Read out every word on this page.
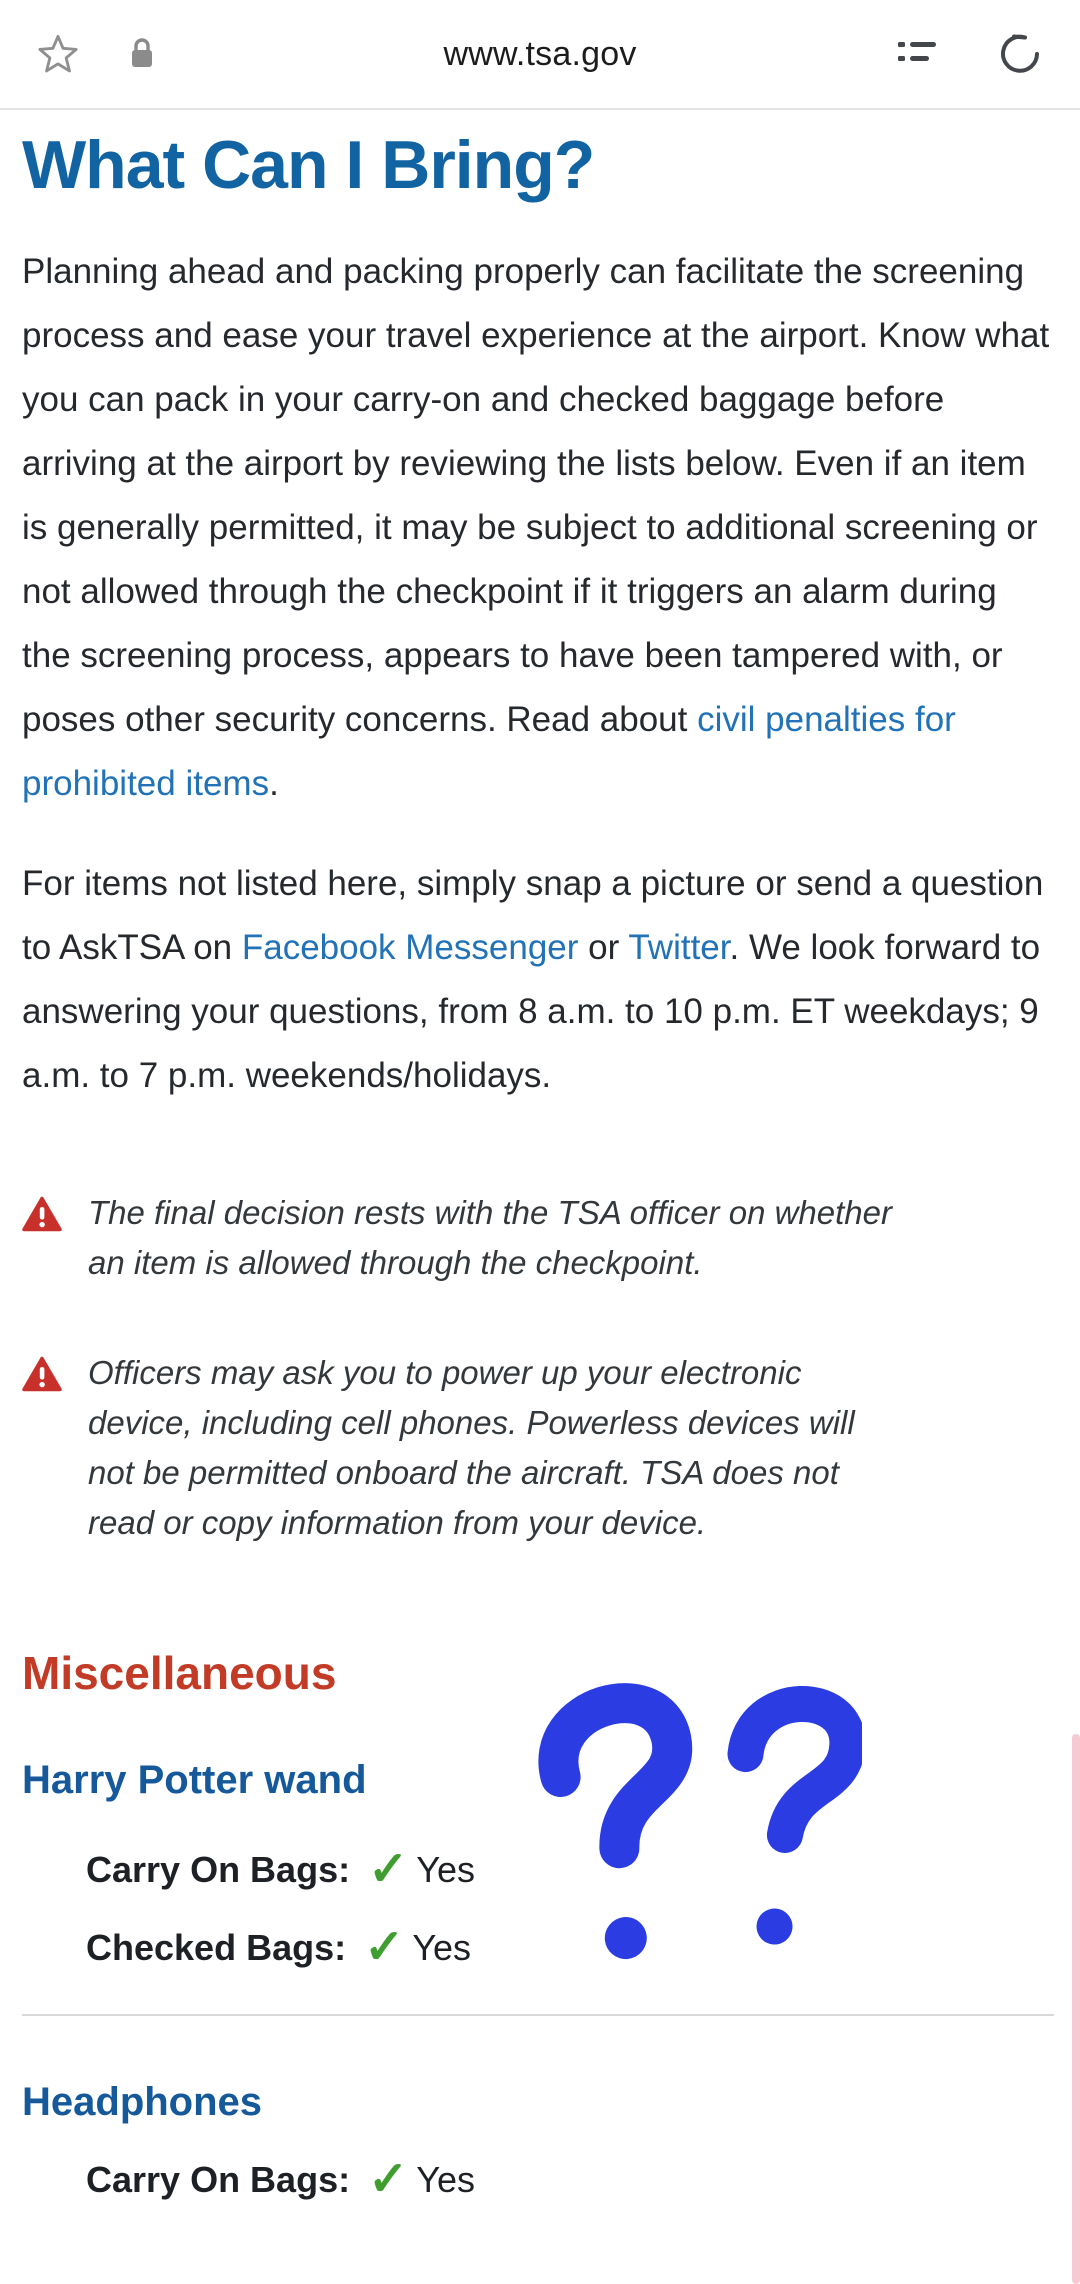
www.tsa.gov
What Can I Bring?

Planning ahead and packing properly can facilitate the screening process and ease your travel experience at the airport. Know what you can pack in your carry-on and checked baggage before arriving at the airport by reviewing the lists below. Even if an item is generally permitted, it may be subject to additional screening or not allowed through the checkpoint if it triggers an alarm during the screening process, appears to have been tampered with, or poses other security concerns. Read about civil penalties for prohibited items.

For items not listed here, simply snap a picture or send a question to AskTSA on Facebook Messenger or Twitter. We look forward to answering your questions, from 8 a.m. to 10 p.m. ET weekdays; 9 a.m. to 7 p.m. weekends/holidays.

The final decision rests with the TSA officer on whether an item is allowed through the checkpoint.
Officers may ask you to power up your electronic device, including cell phones. Powerless devices will not be permitted onboard the aircraft. TSA does not read or copy information from your device.
Miscellaneous
Harry Potter wand
Carry On Bags: ✓ Yes
Checked Bags: ✓ Yes
Headphones
Carry On Bags: ✓ Yes
